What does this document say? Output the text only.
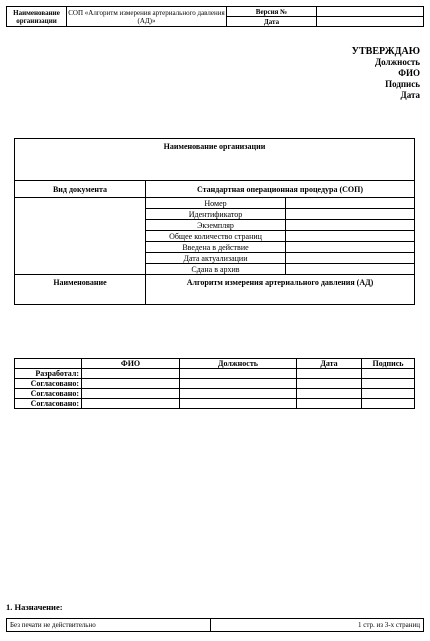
Наименование организации	СОП «Алгоритм измерения артериального давления (АД)»	Версия №	
		Дата	
УТВЕРЖДАЮ
Должность
ФИО
Подпись
Дата
Наименование организации		
Вид документа	Стандартная операционная процедура (СОП)	
	Номер	
	Идентификатор	
	Экземпляр	
	Общее количество страниц	
	Введена в действие	
	Дата актуализации	
	Сдана в архив	
Наименование	Алгоритм измерения артериального давления (АД)	
	ФИО	Должность	Дата	Подпись
Разработал:				
Согласовано:				
Согласовано:				
Согласовано:				
1. Назначение:
Без печати не действительно	1 стр. из 3-х страниц
